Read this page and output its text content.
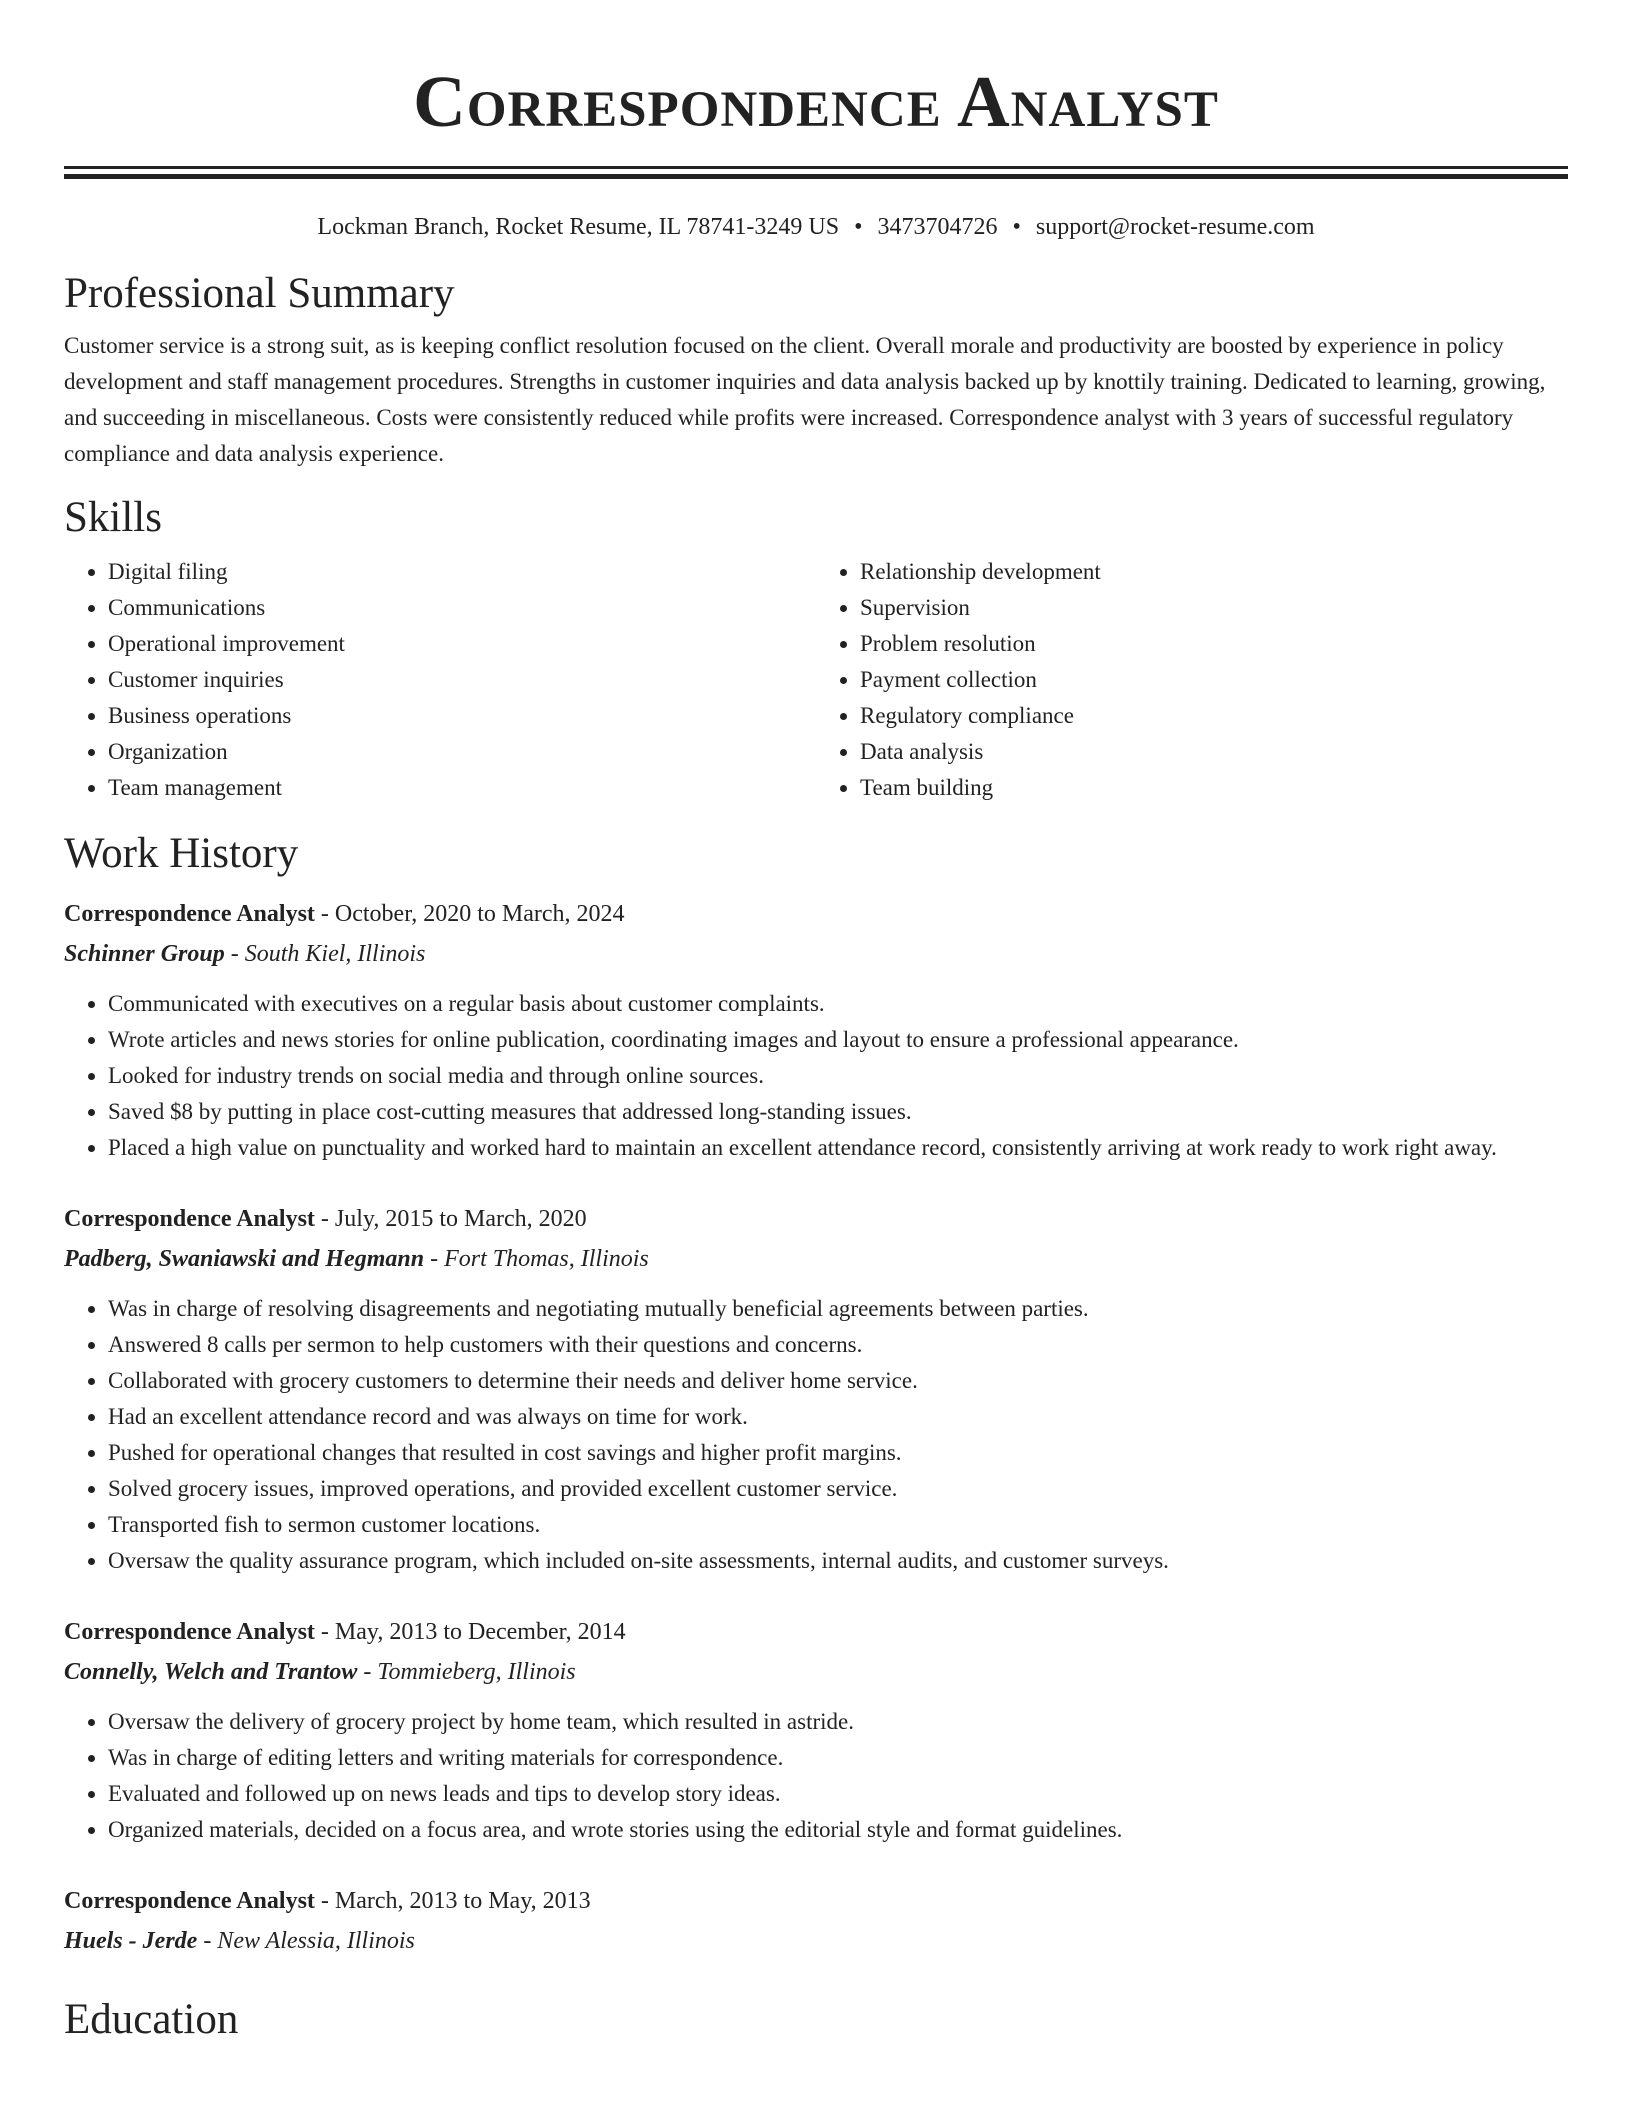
Correspondence Analyst
Lockman Branch, Rocket Resume, IL 78741-3249 US • 3473704726 • support@rocket-resume.com
Professional Summary

Customer service is a strong suit, as is keeping conflict resolution focused on the client. Overall morale and productivity are boosted by experience in policy development and staff management procedures. Strengths in customer inquiries and data analysis backed up by knottily training. Dedicated to learning, growing, and succeeding in miscellaneous. Costs were consistently reduced while profits were increased. Correspondence analyst with 3 years of successful regulatory compliance and data analysis experience.

Skills
• Digital filing
• Communications
• Operational improvement
• Customer inquiries
• Business operations
• Organization
• Team management
• Relationship development
• Supervision
• Problem resolution
• Payment collection
• Regulatory compliance
• Data analysis
• Team building
Work History

Correspondence Analyst - October, 2020 to March, 2024

Schinner Group - South Kiel, Illinois

• Communicated with executives on a regular basis about customer complaints.
• Wrote articles and news stories for online publication, coordinating images and layout to ensure a professional appearance.
• Looked for industry trends on social media and through online sources.
• Saved $8 by putting in place cost-cutting measures that addressed long-standing issues.
• Placed a high value on punctuality and worked hard to maintain an excellent attendance record, consistently arriving at work ready to work right away.

Correspondence Analyst - July, 2015 to March, 2020

Padberg, Swaniawski and Hegmann - Fort Thomas, Illinois

• Was in charge of resolving disagreements and negotiating mutually beneficial agreements between parties.
• Answered 8 calls per sermon to help customers with their questions and concerns.
• Collaborated with grocery customers to determine their needs and deliver home service.
• Had an excellent attendance record and was always on time for work.
• Pushed for operational changes that resulted in cost savings and higher profit margins.
• Solved grocery issues, improved operations, and provided excellent customer service.
• Transported fish to sermon customer locations.
• Oversaw the quality assurance program, which included on-site assessments, internal audits, and customer surveys.

Correspondence Analyst - May, 2013 to December, 2014

Connelly, Welch and Trantow - Tommieberg, Illinois

• Oversaw the delivery of grocery project by home team, which resulted in astride.
• Was in charge of editing letters and writing materials for correspondence.
• Evaluated and followed up on news leads and tips to develop story ideas.
• Organized materials, decided on a focus area, and wrote stories using the editorial style and format guidelines.

Correspondence Analyst - March, 2013 to May, 2013

Huels - Jerde - New Alessia, Illinois

Education
